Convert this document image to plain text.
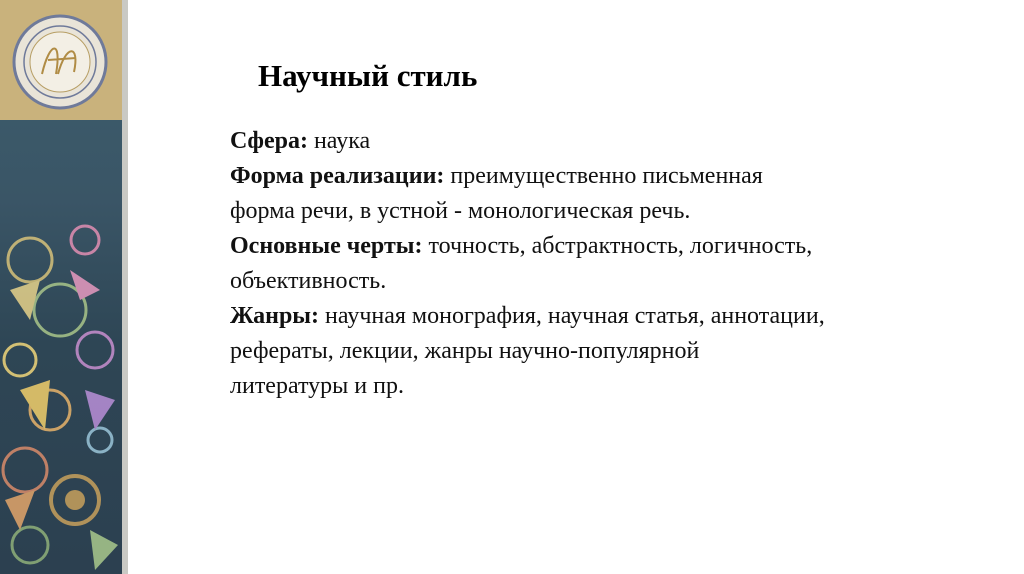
Научный стиль
Сфера: наука
Форма реализации: преимущественно письменная
форма речи, в устной - монологическая речь.
Основные черты: точность, абстрактность, логичность,
объективность.
Жанры: научная монография, научная статья, аннотации,
рефераты, лекции, жанры научно-популярной
литературы и пр.
